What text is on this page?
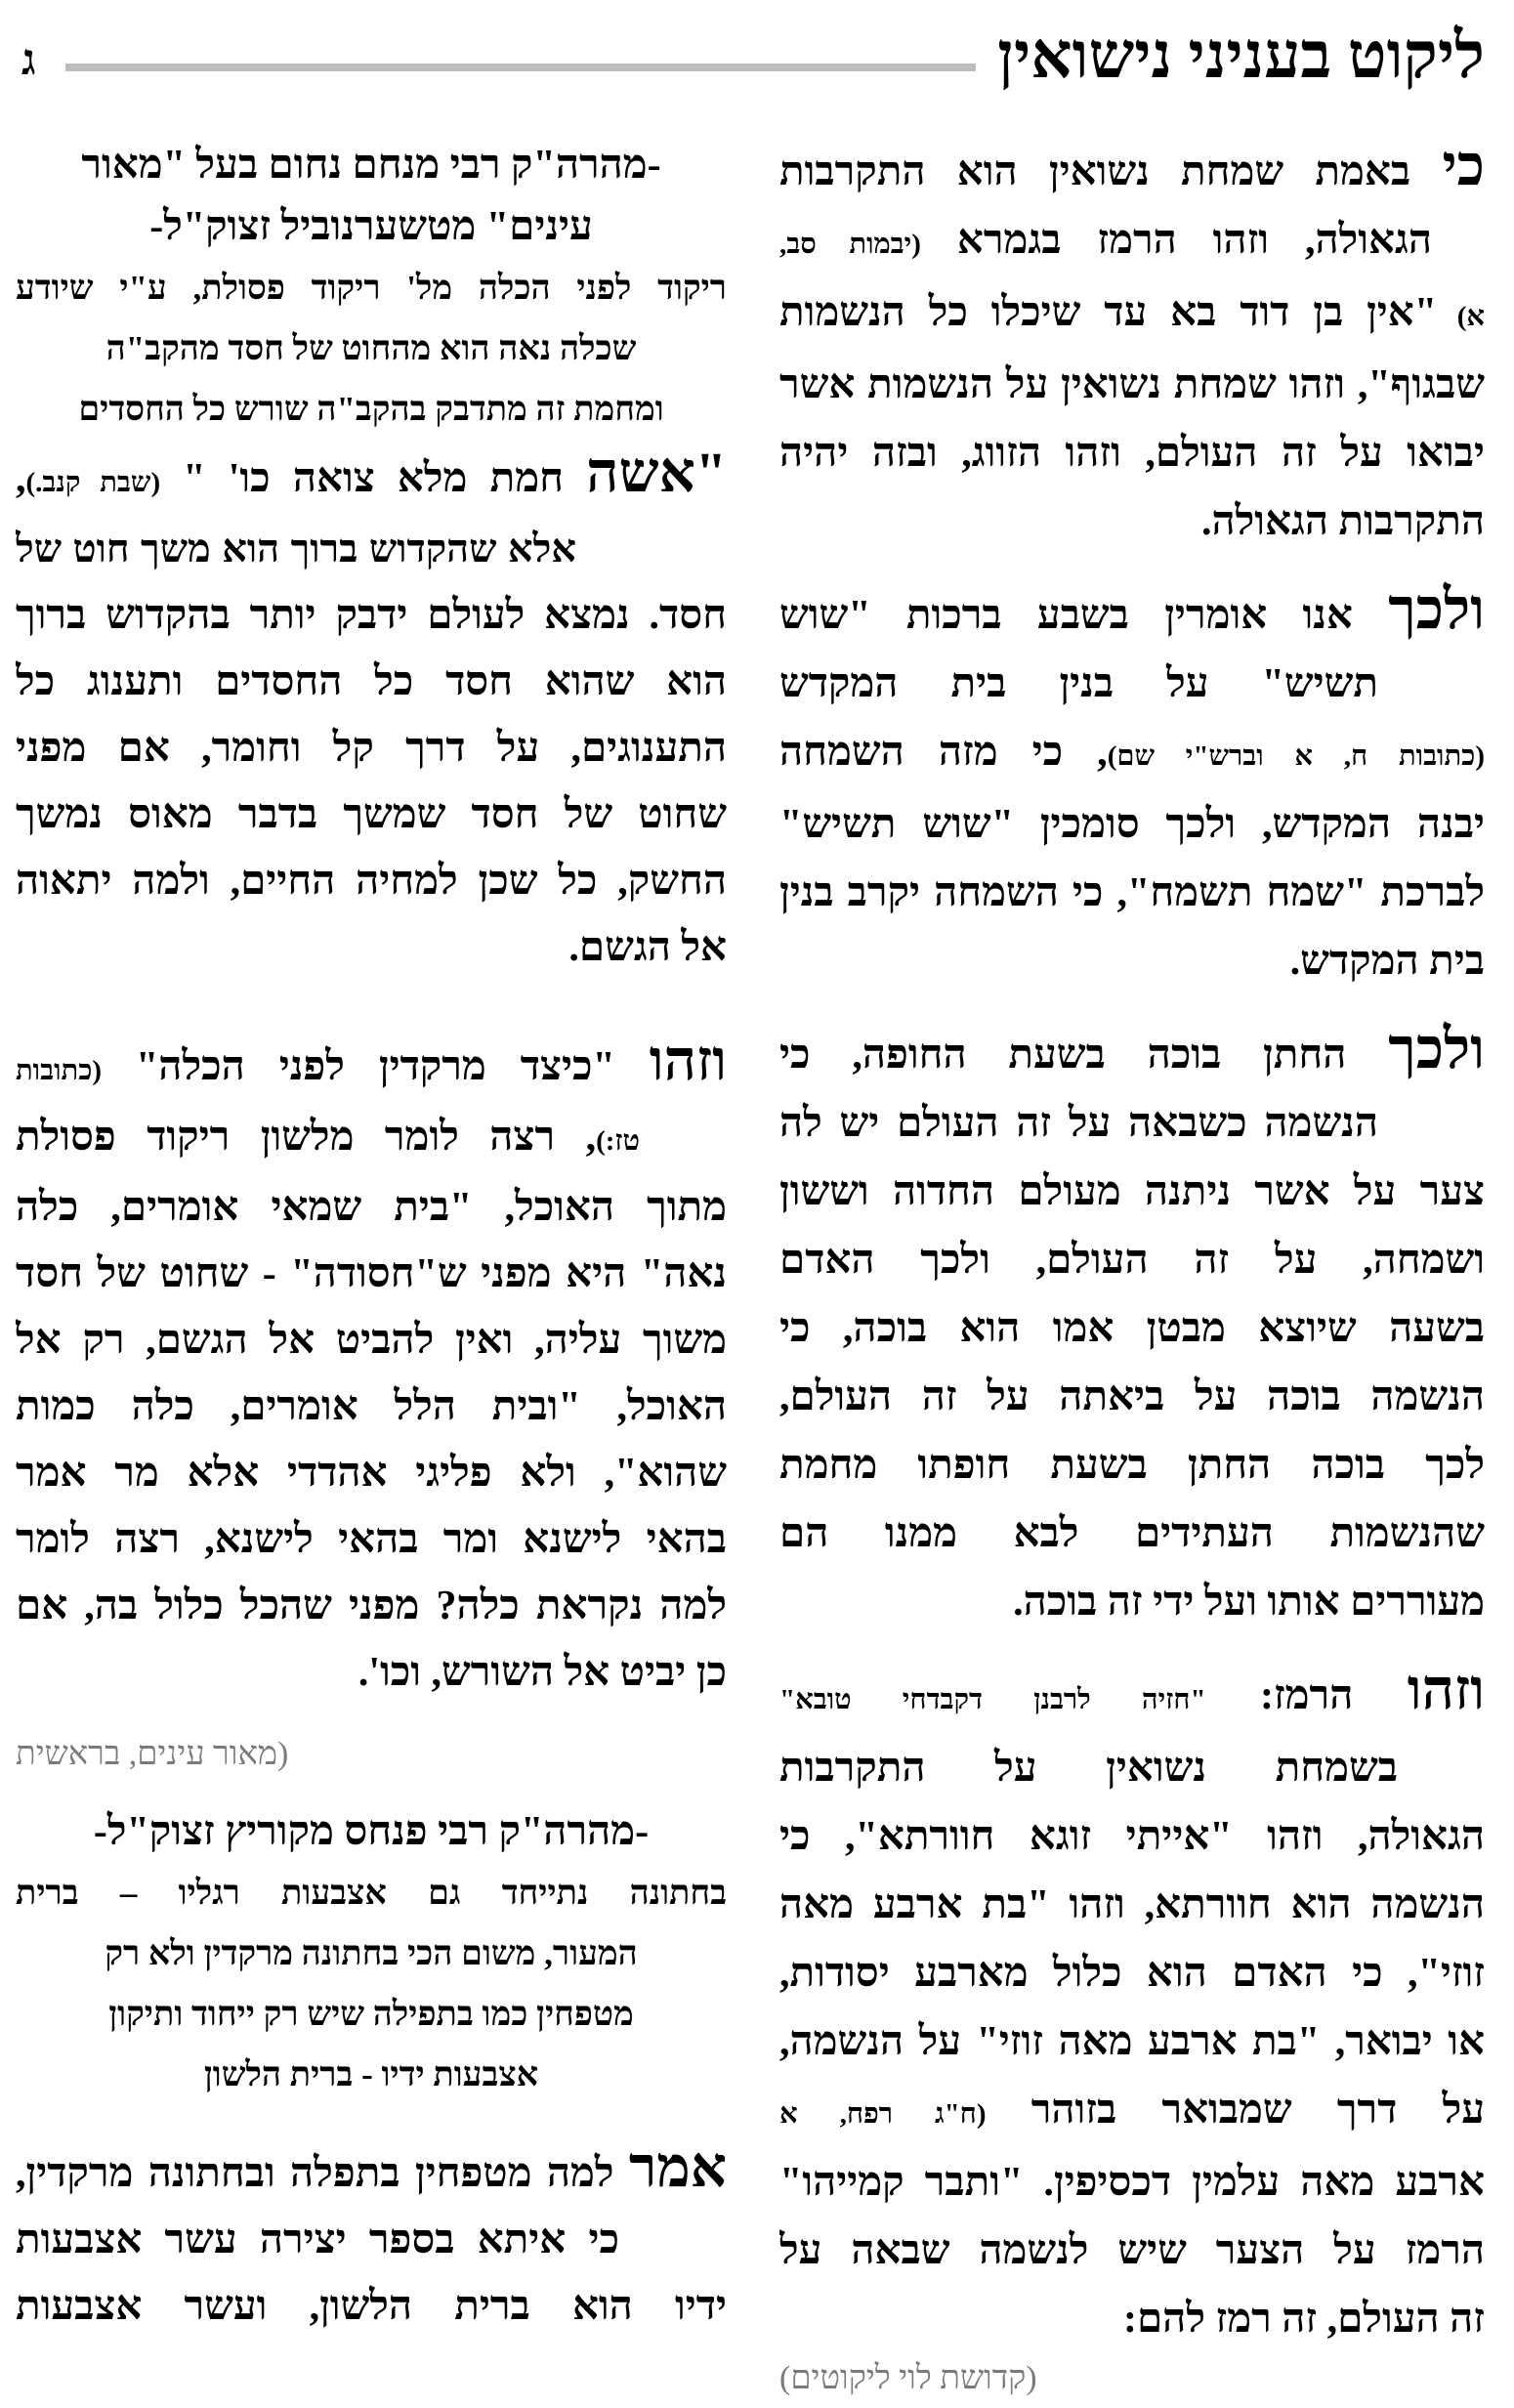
ליקוט בעניני נישואין
ג
כי באמת שמחת נשואין הוא התקרבות
הגאולה, וזהו הרמז בגמרא (יבמות סב,
א) "אין בן דוד בא עד שיכלו כל הנשמות
שבגוף", וזהו שמחת נשואין על הנשמות אשר
יבואו על זה העולם, וזהו הזווג, ובזה יהיה
התקרבות הגאולה.
ולכך אנו אומרין בשבע ברכות "שוש
תשיש" על בנין בית המקדש
(כתובות ח, א וברש"י שם), כי מזה השמחה
יבנה המקדש, ולכך סומכין "שוש תשיש"
לברכת "שמח תשמח", כי השמחה יקרב בנין
בית המקדש.
ולכך החתן בוכה בשעת החופה, כי
הנשמה כשבאה על זה העולם יש לה
צער על אשר ניתנה מעולם החדוה וששון
ושמחה, על זה העולם, ולכך האדם
בשעה שיוצא מבטן אמו הוא בוכה, כי
הנשמה בוכה על ביאתה על זה העולם,
לכך בוכה החתן בשעת חופתו מחמת
שהנשמות העתידים לבא ממנו הם
מעוררים אותו ועל ידי זה בוכה.
וזהו הרמז: "חזיה לרבנן דקבדחי טובא"
בשמחת נשואין על התקרבות
הגאולה, וזהו "אייתי זוגא חוורתא", כי
הנשמה הוא חוורתא, וזהו "בת ארבע מאה
זוזי", כי האדם הוא כלול מארבע יסודות,
או יבואר, "בת ארבע מאה זוזי" על הנשמה,
על דרך שמבואר בזוהר (ח"ג רפח, א
ארבע מאה עלמין דכסיפין. "ותבר קמייהו"
הרמז על הצער שיש לנשמה שבאה על
זה העולם, זה רמז להם:
(קדושת לוי ליקוטים)
-מהרה"ק רבי מנחם נחום בעל "מאור
עינים" מטשערנוביל זצוק"ל-
ריקוד לפני הכלה מל' ריקוד פסולת, ע"י שיודע
שכלה נאה הוא מהחוט של חסד מהקב"ה
ומחמת זה מתדבק בהקב"ה שורש כל החסדים
"אשה חמת מלא צואה כו' " (שבת קנב.),
אלא שהקדוש ברוך הוא משך חוט של
חסד. נמצא לעולם ידבק יותר בהקדוש ברוך
הוא שהוא חסד כל החסדים ותענוג כל
התענוגים, על דרך קל וחומר, אם מפני
שחוט של חסד שמשך בדבר מאוס נמשך
החשק, כל שכן למחיה החיים, ולמה יתאוה
אל הגשם.
וזהו "כיצד מרקדין לפני הכלה" (כתובות
טז:), רצה לומר מלשון ריקוד פסולת
מתוך האוכל, "בית שמאי אומרים, כלה
נאה" היא מפני ש"חסודה" - שחוט של חסד
משוך עליה, ואין להביט אל הגשם, רק אל
האוכל, "ובית הלל אומרים, כלה כמות
שהוא", ולא פליגי אהדדי אלא מר אמר
בהאי לישנא ומר בהאי לישנא, רצה לומר
למה נקראת כלה? מפני שהכל כלול בה, אם
כן יביט אל השורש, וכו'.
(מאור עינים, בראשית
-מהרה"ק רבי פנחס מקוריץ זצוק"ל-
בחתונה נתייחד גם אצבעות רגליו – ברית
המעור, משום הכי בחתונה מרקדין ולא רק
מטפחין כמו בתפילה שיש רק ייחוד ותיקון
אצבעות ידיו - ברית הלשון
אמר למה מטפחין בתפלה ובחתונה מרקדין,
כי איתא בספר יצירה עשר אצבעות
ידיו הוא ברית הלשון, ועשר אצבעות
